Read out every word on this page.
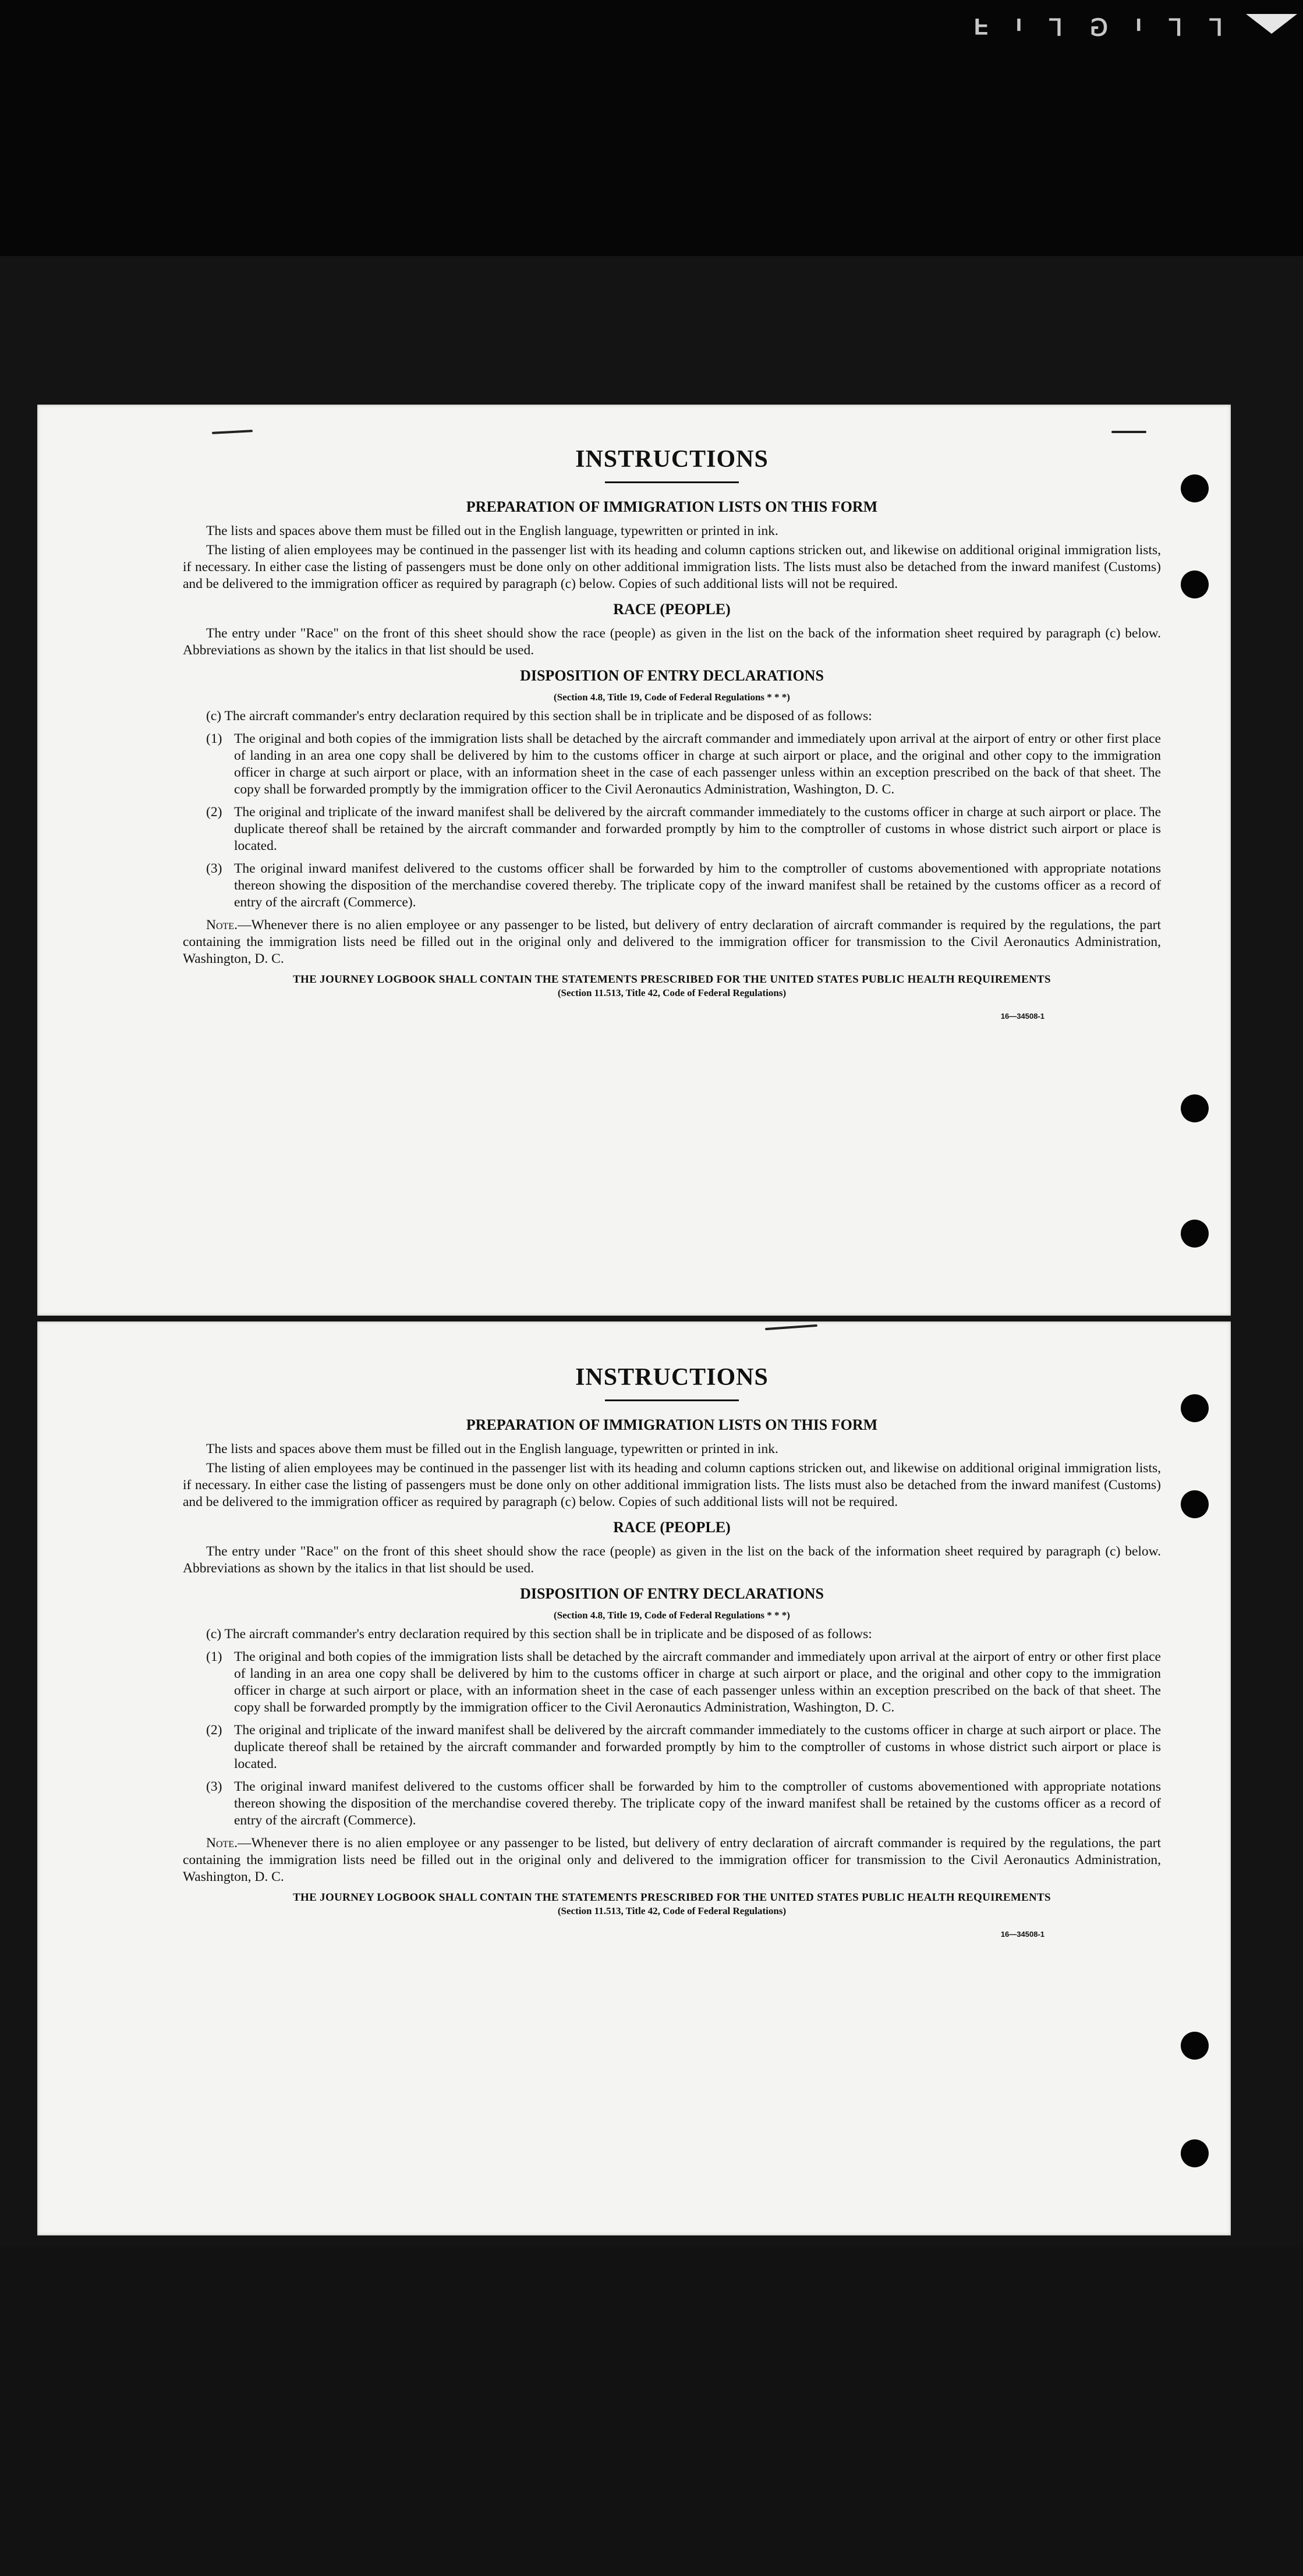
F ı ⅃ ⅁ ı ⅃ ⅃
INSTRUCTIONS
PREPARATION OF IMMIGRATION LISTS ON THIS FORM

The lists and spaces above them must be filled out in the English language, typewritten or printed in ink.

The listing of alien employees may be continued in the passenger list with its heading and column captions stricken out, and likewise on additional original immigration lists, if necessary. In either case the listing of passengers must be done only on other additional immigration lists. The lists must also be detached from the inward manifest (Customs) and be delivered to the immigration officer as required by paragraph (c) below. Copies of such additional lists will not be required.

RACE (PEOPLE)

The entry under "Race" on the front of this sheet should show the race (people) as given in the list on the back of the information sheet required by paragraph (c) below. Abbreviations as shown by the italics in that list should be used.

DISPOSITION OF ENTRY DECLARATIONS
(Section 4.8, Title 19, Code of Federal Regulations * * *)

(c) The aircraft commander's entry declaration required by this section shall be in triplicate and be disposed of as follows:

(1) The original and both copies of the immigration lists shall be detached by the aircraft commander and immediately upon arrival at the airport of entry or other first place of landing in an area one copy shall be delivered by him to the customs officer in charge at such airport or place, and the original and other copy to the immigration officer in charge at such airport or place, with an information sheet in the case of each passenger unless within an exception prescribed on the back of that sheet. The copy shall be forwarded promptly by the immigration officer to the Civil Aeronautics Administration, Washington, D. C.
(2) The original and triplicate of the inward manifest shall be delivered by the aircraft commander immediately to the customs officer in charge at such airport or place. The duplicate thereof shall be retained by the aircraft commander and forwarded promptly by him to the comptroller of customs in whose district such airport or place is located.
(3) The original inward manifest delivered to the customs officer shall be forwarded by him to the comptroller of customs abovementioned with appropriate notations thereon showing the disposition of the merchandise covered thereby. The triplicate copy of the inward manifest shall be retained by the customs officer as a record of entry of the aircraft (Commerce).

Note.—Whenever there is no alien employee or any passenger to be listed, but delivery of entry declaration of aircraft commander is required by the regulations, the part containing the immigration lists need be filled out in the original only and delivered to the immigration officer for transmission to the Civil Aeronautics Administration, Washington, D. C.

THE JOURNEY LOGBOOK SHALL CONTAIN THE STATEMENTS PRESCRIBED FOR THE UNITED STATES PUBLIC HEALTH REQUIREMENTS
(Section 11.513, Title 42, Code of Federal Regulations)
16—34508-1
INSTRUCTIONS
PREPARATION OF IMMIGRATION LISTS ON THIS FORM

The lists and spaces above them must be filled out in the English language, typewritten or printed in ink.

The listing of alien employees may be continued in the passenger list with its heading and column captions stricken out, and likewise on additional original immigration lists, if necessary. In either case the listing of passengers must be done only on other additional immigration lists. The lists must also be detached from the inward manifest (Customs) and be delivered to the immigration officer as required by paragraph (c) below. Copies of such additional lists will not be required.

RACE (PEOPLE)

The entry under "Race" on the front of this sheet should show the race (people) as given in the list on the back of the information sheet required by paragraph (c) below. Abbreviations as shown by the italics in that list should be used.

DISPOSITION OF ENTRY DECLARATIONS
(Section 4.8, Title 19, Code of Federal Regulations * * *)

(c) The aircraft commander's entry declaration required by this section shall be in triplicate and be disposed of as follows:

(1) The original and both copies of the immigration lists shall be detached by the aircraft commander and immediately upon arrival at the airport of entry or other first place of landing in an area one copy shall be delivered by him to the customs officer in charge at such airport or place, and the original and other copy to the immigration officer in charge at such airport or place, with an information sheet in the case of each passenger unless within an exception prescribed on the back of that sheet. The copy shall be forwarded promptly by the immigration officer to the Civil Aeronautics Administration, Washington, D. C.
(2) The original and triplicate of the inward manifest shall be delivered by the aircraft commander immediately to the customs officer in charge at such airport or place. The duplicate thereof shall be retained by the aircraft commander and forwarded promptly by him to the comptroller of customs in whose district such airport or place is located.
(3) The original inward manifest delivered to the customs officer shall be forwarded by him to the comptroller of customs abovementioned with appropriate notations thereon showing the disposition of the merchandise covered thereby. The triplicate copy of the inward manifest shall be retained by the customs officer as a record of entry of the aircraft (Commerce).

Note.—Whenever there is no alien employee or any passenger to be listed, but delivery of entry declaration of aircraft commander is required by the regulations, the part containing the immigration lists need be filled out in the original only and delivered to the immigration officer for transmission to the Civil Aeronautics Administration, Washington, D. C.

THE JOURNEY LOGBOOK SHALL CONTAIN THE STATEMENTS PRESCRIBED FOR THE UNITED STATES PUBLIC HEALTH REQUIREMENTS
(Section 11.513, Title 42, Code of Federal Regulations)
16—34508-1
